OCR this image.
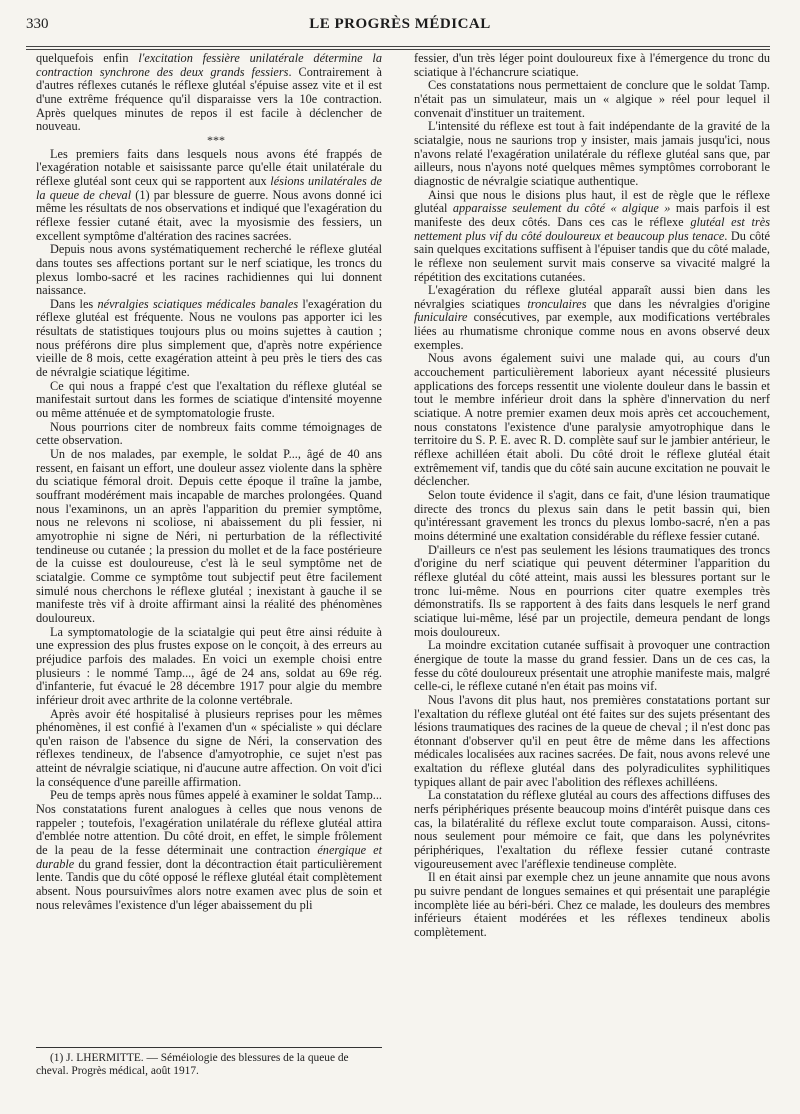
330	LE PROGRÈS MÉDICAL

quelquefois enfin l'excitation fessière unilatérale détermine la contraction synchrone des deux grands fessiers. Contrairement à d'autres réflexes cutanés le réflexe glutéal s'épuise assez vite et il est d'une extrême fréquence qu'il disparaisse vers la 10e contraction. Après quelques minutes de repos il est facile à déclencher de nouveau.

***

Les premiers faits dans lesquels nous avons été frappés de l'exagération notable et saisissante parce qu'elle était unilatérale du réflexe glutéal sont ceux qui se rapportent aux lésions unilatérales de la queue de cheval (1) par blessure de guerre. Nous avons donné ici même les résultats de nos observations et indiqué que l'exagération du réflexe fessier cutané était, avec la myosismie des fessiers, un excellent symptôme d'altération des racines sacrées.

Depuis nous avons systématiquement recherché le réflexe glutéal dans toutes ses affections portant sur le nerf sciatique, les troncs du plexus lombo-sacré et les racines rachidiennes qui lui donnent naissance.

Dans les névralgies sciatiques médicales banales l'exagération du réflexe glutéal est fréquente. Nous ne voulons pas apporter ici les résultats de statistiques toujours plus ou moins sujettes à caution ; nous préférons dire plus simplement que, d'après notre expérience vieille de 8 mois, cette exagération atteint à peu près le tiers des cas de névralgie sciatique légitime.

Ce qui nous a frappé c'est que l'exaltation du réflexe glutéal se manifestait surtout dans les formes de sciatique d'intensité moyenne ou même atténuée et de symptomatologie fruste.

Nous pourrions citer de nombreux faits comme témoignages de cette observation.

Un de nos malades, par exemple, le soldat P..., âgé de 40 ans ressent, en faisant un effort, une douleur assez violente dans la sphère du sciatique fémoral droit. Depuis cette époque il traîne la jambe, souffrant modérément mais incapable de marches prolongées. Quand nous l'examinons, un an après l'apparition du premier symptôme, nous ne relevons ni scoliose, ni abaissement du pli fessier, ni amyotrophie ni signe de Néri, ni perturbation de la réflectivité tendineuse ou cutanée ; la pression du mollet et de la face postérieure de la cuisse est douloureuse, c'est là le seul symptôme net de sciatalgie. Comme ce symptôme tout subjectif peut être facilement simulé nous cherchons le réflexe glutéal ; inexistant à gauche il se manifeste très vif à droite affirmant ainsi la réalité des phénomènes douloureux.

La symptomatologie de la sciatalgie qui peut être ainsi réduite à une expression des plus frustes expose on le conçoit, à des erreurs au préjudice parfois des malades. En voici un exemple choisi entre plusieurs : le nommé Tamp..., âgé de 24 ans, soldat au 69e rég. d'infanterie, fut évacué le 28 décembre 1917 pour algie du membre inférieur droit avec arthrite de la colonne vertébrale.

Après avoir été hospitalisé à plusieurs reprises pour les mêmes phénomènes, il est confié à l'examen d'un « spécialiste » qui déclare qu'en raison de l'absence du signe de Néri, la conservation des réflexes tendineux, de l'absence d'amyotrophie, ce sujet n'est pas atteint de névralgie sciatique, ni d'aucune autre affection. On voit d'ici la conséquence d'une pareille affirmation.

Peu de temps après nous fûmes appelé à examiner le soldat Tamp... Nos constatations furent analogues à celles que nous venons de rappeler ; toutefois, l'exagération unilatérale du réflexe glutéal attira d'emblée notre attention. Du côté droit, en effet, le simple frôlement de la peau de la fesse déterminait une contraction énergique et durable du grand fessier, dont la décontraction était particulièrement lente. Tandis que du côté opposé le réflexe glutéal était complètement absent. Nous poursuivîmes alors notre examen avec plus de soin et nous relevâmes l'existence d'un léger abaissement du pli

fessier, d'un très léger point douloureux fixe à l'émergence du tronc du sciatique à l'échancrure sciatique.

Ces constatations nous permettaient de conclure que le soldat Tamp. n'était pas un simulateur, mais un « algique » réel pour lequel il convenait d'instituer un traitement.

L'intensité du réflexe est tout à fait indépendante de la gravité de la sciatalgie, nous ne saurions trop y insister, mais jamais jusqu'ici, nous n'avons relaté l'exagération unilatérale du réflexe glutéal sans que, par ailleurs, nous n'ayons noté quelques mêmes symptômes corroborant le diagnostic de névralgie sciatique authentique.

Ainsi que nous le disions plus haut, il est de règle que le réflexe glutéal apparaisse seulement du côté « algique » mais parfois il est manifeste des deux côtés. Dans ces cas le réflexe glutéal est très nettement plus vif du côté douloureux et beaucoup plus tenace. Du côté sain quelques excitations suffisent à l'épuiser tandis que du côté malade, le réflexe non seulement survit mais conserve sa vivacité malgré la répétition des excitations cutanées.

L'exagération du réflexe glutéal apparaît aussi bien dans les névralgies sciatiques tronculaires que dans les névralgies d'origine funiculaire consécutives, par exemple, aux modifications vertébrales liées au rhumatisme chronique comme nous en avons observé deux exemples.

Nous avons également suivi une malade qui, au cours d'un accouchement particulièrement laborieux ayant nécessité plusieurs applications des forceps ressentit une violente douleur dans le bassin et tout le membre inférieur droit dans la sphère d'innervation du nerf sciatique. A notre premier examen deux mois après cet accouchement, nous constatons l'existence d'une paralysie amyotrophique dans le territoire du S. P. E. avec R. D. complète sauf sur le jambier antérieur, le réflexe achilléen était aboli. Du côté droit le réflexe glutéal était extrêmement vif, tandis que du côté sain aucune excitation ne pouvait le déclencher.

Selon toute évidence il s'agit, dans ce fait, d'une lésion traumatique directe des troncs du plexus sain dans le petit bassin qui, bien qu'intéressant gravement les troncs du plexus lombo-sacré, n'en a pas moins déterminé une exaltation considérable du réflexe fessier cutané.

D'ailleurs ce n'est pas seulement les lésions traumatiques des troncs d'origine du nerf sciatique qui peuvent déterminer l'apparition du réflexe glutéal du côté atteint, mais aussi les blessures portant sur le tronc lui-même. Nous en pourrions citer quatre exemples très démonstratifs. Ils se rapportent à des faits dans lesquels le nerf grand sciatique lui-même, lésé par un projectile, demeura pendant de longs mois douloureux.

La moindre excitation cutanée suffisait à provoquer une contraction énergique de toute la masse du grand fessier. Dans un de ces cas, la fesse du côté douloureux présentait une atrophie manifeste mais, malgré celle-ci, le réflexe cutané n'en était pas moins vif.

Nous l'avons dit plus haut, nos premières constatations portant sur l'exaltation du réflexe glutéal ont été faites sur des sujets présentant des lésions traumatiques des racines de la queue de cheval ; il n'est donc pas étonnant d'observer qu'il en peut être de même dans les affections médicales localisées aux racines sacrées. De fait, nous avons relevé une exaltation du réflexe glutéal dans des polyradiculites syphilitiques typiques allant de pair avec l'abolition des réflexes achilléens.

La constatation du réflexe glutéal au cours des affections diffuses des nerfs périphériques présente beaucoup moins d'intérêt puisque dans ces cas, la bilatéralité du réflexe exclut toute comparaison. Aussi, citons-nous seulement pour mémoire ce fait, que dans les polynévrites périphériques, l'exaltation du réflexe fessier cutané contraste vigoureusement avec l'aréflexie tendineuse complète.

Il en était ainsi par exemple chez un jeune annamite que nous avons pu suivre pendant de longues semaines et qui présentait une paraplégie incomplète liée au béri-béri. Chez ce malade, les douleurs des membres inférieurs étaient modérées et les réflexes tendineux abolis complètement.

(1) J. LHERMITTE. — Séméiologie des blessures de la queue de cheval. Progrès médical, août 1917.
